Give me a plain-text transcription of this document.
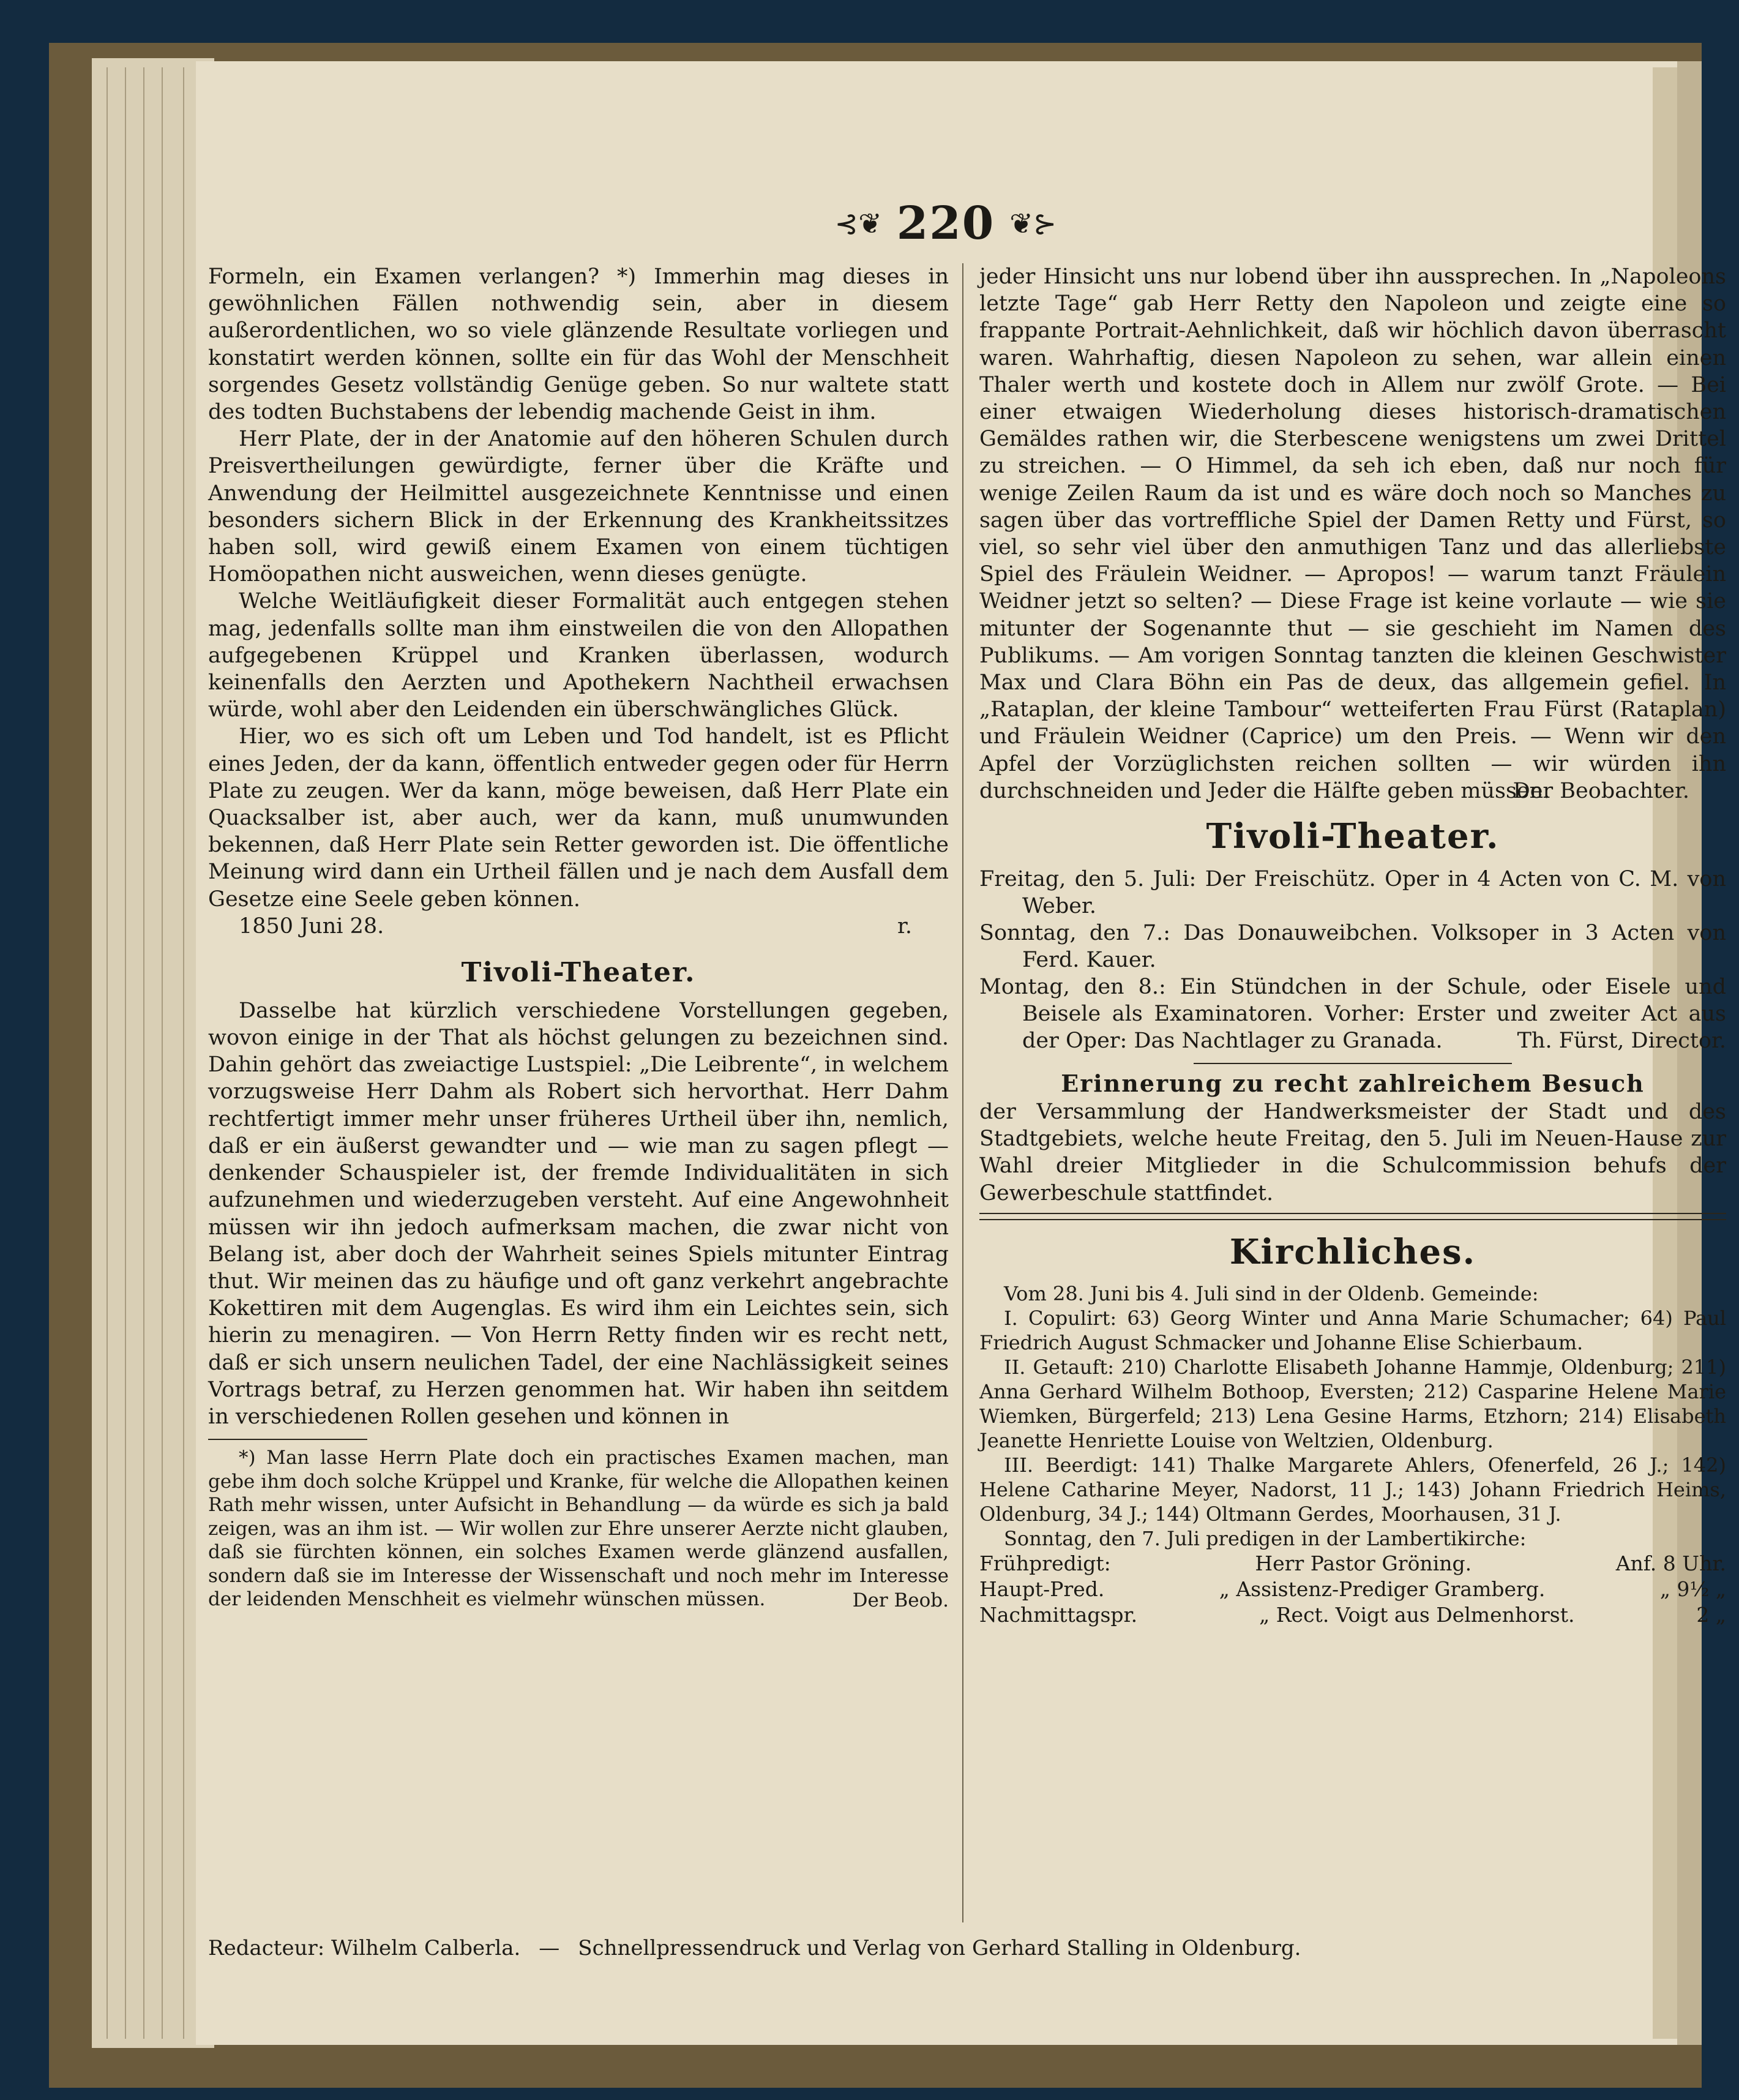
⊰❦ 220 ❦⊱

Formeln, ein Examen verlangen? *) Immerhin mag dieses in gewöhnlichen Fällen nothwendig sein, aber in diesem außerordentlichen, wo so viele glänzende Resultate vorliegen und konstatirt werden können, sollte ein für das Wohl der Menschheit sorgendes Gesetz vollständig Genüge geben. So nur waltete statt des todten Buchstabens der lebendig machende Geist in ihm.

Herr Plate, der in der Anatomie auf den höheren Schulen durch Preisvertheilungen gewürdigte, ferner über die Kräfte und Anwendung der Heilmittel ausgezeichnete Kenntnisse und einen besonders sichern Blick in der Erkennung des Krankheitssitzes haben soll, wird gewiß einem Examen von einem tüchtigen Homöopathen nicht ausweichen, wenn dieses genügte.

Welche Weitläufigkeit dieser Formalität auch entgegen stehen mag, jedenfalls sollte man ihm einstweilen die von den Allopathen aufgegebenen Krüppel und Kranken überlassen, wodurch keinenfalls den Aerzten und Apothekern Nachtheil erwachsen würde, wohl aber den Leidenden ein überschwängliches Glück.

Hier, wo es sich oft um Leben und Tod handelt, ist es Pflicht eines Jeden, der da kann, öffentlich entweder gegen oder für Herrn Plate zu zeugen. Wer da kann, möge beweisen, daß Herr Plate ein Quacksalber ist, aber auch, wer da kann, muß unumwunden bekennen, daß Herr Plate sein Retter geworden ist. Die öffentliche Meinung wird dann ein Urtheil fällen und je nach dem Ausfall dem Gesetze eine Seele geben können.

1850 Juni 28.	r.
Tivoli-Theater.

Dasselbe hat kürzlich verschiedene Vorstellungen gegeben, wovon einige in der That als höchst gelungen zu bezeichnen sind. Dahin gehört das zweiactige Lustspiel: „Die Leibrente“, in welchem vorzugsweise Herr Dahm als Robert sich hervorthat. Herr Dahm rechtfertigt immer mehr unser früheres Urtheil über ihn, nemlich, daß er ein äußerst gewandter und — wie man zu sagen pflegt — denkender Schauspieler ist, der fremde Individualitäten in sich aufzunehmen und wiederzugeben versteht. Auf eine Angewohnheit müssen wir ihn jedoch aufmerksam machen, die zwar nicht von Belang ist, aber doch der Wahrheit seines Spiels mitunter Eintrag thut. Wir meinen das zu häufige und oft ganz verkehrt angebrachte Kokettiren mit dem Augenglas. Es wird ihm ein Leichtes sein, sich hierin zu menagiren. — Von Herrn Retty finden wir es recht nett, daß er sich unsern neulichen Tadel, der eine Nachlässigkeit seines Vortrags betraf, zu Herzen genommen hat. Wir haben ihn seitdem in verschiedenen Rollen gesehen und können in

*) Man lasse Herrn Plate doch ein practisches Examen machen, man gebe ihm doch solche Krüppel und Kranke, für welche die Allopathen keinen Rath mehr wissen, unter Aufsicht in Behandlung — da würde es sich ja bald zeigen, was an ihm ist. — Wir wollen zur Ehre unserer Aerzte nicht glauben, daß sie fürchten können, ein solches Examen werde glänzend ausfallen, sondern daß sie im Interesse der Wissenschaft und noch mehr im Interesse der leidenden Menschheit es vielmehr wünschen müssen.	Der Beob.

jeder Hinsicht uns nur lobend über ihn aussprechen. In „Napoleons letzte Tage“ gab Herr Retty den Napoleon und zeigte eine so frappante Portrait-Aehnlichkeit, daß wir höchlich davon überrascht waren. Wahrhaftig, diesen Napoleon zu sehen, war allein einen Thaler werth und kostete doch in Allem nur zwölf Grote. — Bei einer etwaigen Wiederholung dieses historisch-dramatischen Gemäldes rathen wir, die Sterbescene wenigstens um zwei Drittel zu streichen. — O Himmel, da seh ich eben, daß nur noch für wenige Zeilen Raum da ist und es wäre doch noch so Manches zu sagen über das vortreffliche Spiel der Damen Retty und Fürst, so viel, so sehr viel über den anmuthigen Tanz und das allerliebste Spiel des Fräulein Weidner. — Apropos! — warum tanzt Fräulein Weidner jetzt so selten? — Diese Frage ist keine vorlaute — wie sie mitunter der Sogenannte thut — sie geschieht im Namen des Publikums. — Am vorigen Sonntag tanzten die kleinen Geschwister Max und Clara Böhn ein Pas de deux, das allgemein gefiel. In „Rataplan, der kleine Tambour“ wetteiferten Frau Fürst (Rataplan) und Fräulein Weidner (Caprice) um den Preis. — Wenn wir den Apfel der Vorzüglichsten reichen sollten — wir würden ihn durchschneiden und Jeder die Hälfte geben müssen.

Der Beobachter.
Tivoli-Theater.

Freitag, den 5. Juli: Der Freischütz. Oper in 4 Acten von C. M. von Weber.

Sonntag, den 7.: Das Donauweibchen. Volksoper in 3 Acten von Ferd. Kauer.

Montag, den 8.: Ein Stündchen in der Schule, oder Eisele und Beisele als Examinatoren. Vorher: Erster und zweiter Act aus der Oper: Das Nachtlager zu Granada.	Th. Fürst, Director.
Erinnerung zu recht zahlreichem Besuch

der Versammlung der Handwerksmeister der Stadt und des Stadtgebiets, welche heute Freitag, den 5. Juli im Neuen-Hause zur Wahl dreier Mitglieder in die Schulcommission behufs der Gewerbeschule stattfindet.

Kirchliches.

Vom 28. Juni bis 4. Juli sind in der Oldenb. Gemeinde:

I. Copulirt: 63) Georg Winter und Anna Marie Schumacher; 64) Paul Friedrich August Schmacker und Johanne Elise Schierbaum.

II. Getauft: 210) Charlotte Elisabeth Johanne Hammje, Oldenburg; 211) Anna Gerhard Wilhelm Bothoop, Eversten; 212) Casparine Helene Marie Wiemken, Bürgerfeld; 213) Lena Gesine Harms, Etzhorn; 214) Elisabeth Jeanette Henriette Louise von Weltzien, Oldenburg.

III. Beerdigt: 141) Thalke Margarete Ahlers, Ofenerfeld, 26 J.; 142) Helene Catharine Meyer, Nadorst, 11 J.; 143) Johann Friedrich Heims, Oldenburg, 34 J.; 144) Oltmann Gerdes, Moorhausen, 31 J.

Sonntag, den 7. Juli predigen in der Lambertikirche:

Frühpredigt:	Herr Pastor Gröning.	Anf. 8 Uhr.
Haupt-Pred.	„ Assistenz-Prediger Gramberg.	„ 9½ „
Nachmittagspr.	„ Rect. Voigt aus Delmenhorst.	2 „
Redacteur: Wilhelm Calberla. — Schnellpressendruck und Verlag von Gerhard Stalling in Oldenburg.
